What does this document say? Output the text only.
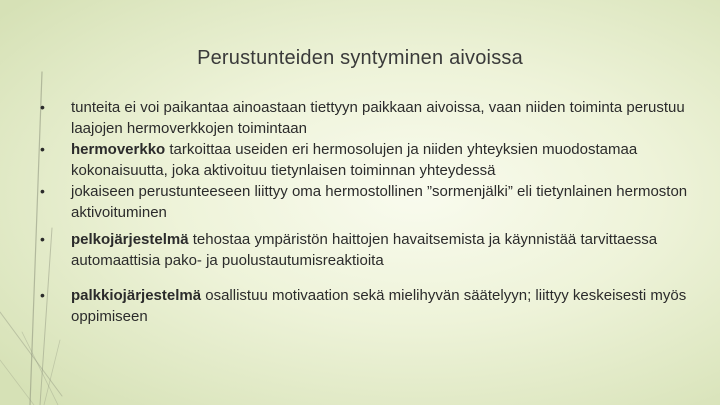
Perustunteiden syntyminen aivoissa
• tunteita ei voi paikantaa ainoastaan tiettyyn paikkaan aivoissa, vaan niiden toiminta perustuu laajojen hermoverkkojen toimintaan
• hermoverkko tarkoittaa useiden eri hermosolujen ja niiden yhteyksien muodostamaa kokonaisuutta, joka aktivoituu tietynlaisen toiminnan yhteydessä
• jokaiseen perustunteeseen liittyy oma hermostollinen ”sormenjälki” eli tietynlainen hermoston aktivoituminen
• pelkojärjestelmä tehostaa ympäristön haittojen havaitsemista ja käynnistää tarvittaessa automaattisia pako- ja puolustautumisreaktioita
• palkkiojärjestelmä osallistuu motivaation sekä mielihyvän säätelyyn; liittyy keskeisesti myös oppimiseen
